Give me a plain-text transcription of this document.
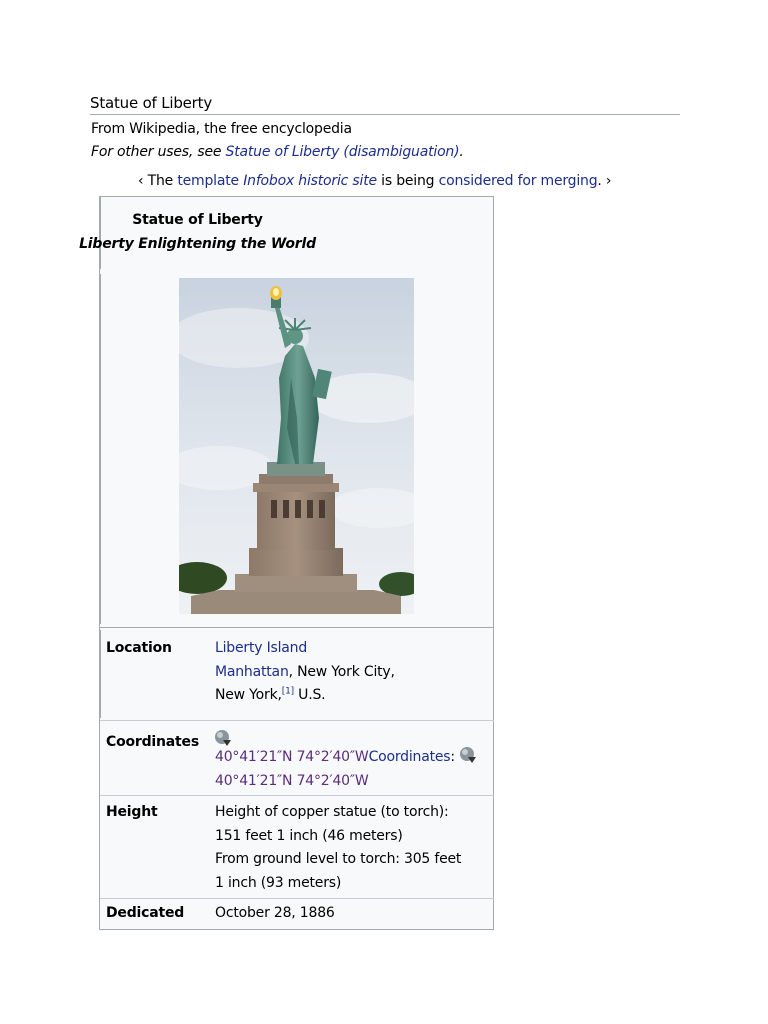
Statue of Liberty
From Wikipedia, the free encyclopedia
For other uses, see Statue of Liberty (disambiguation).
‹ The template Infobox historic site is being considered for merging. ›
Statue of Liberty
Liberty Enlightening the World
Location	Liberty Island
Manhattan, New York City,
New York,[1] U.S.
Coordinates
40°41′21″N 74°2′40″WCoordinates:
40°41′21″N 74°2′40″W
Height	Height of copper statue (to torch):
151 feet 1 inch (46 meters)
From ground level to torch: 305 feet
1 inch (93 meters)
Dedicated October 28, 1886
